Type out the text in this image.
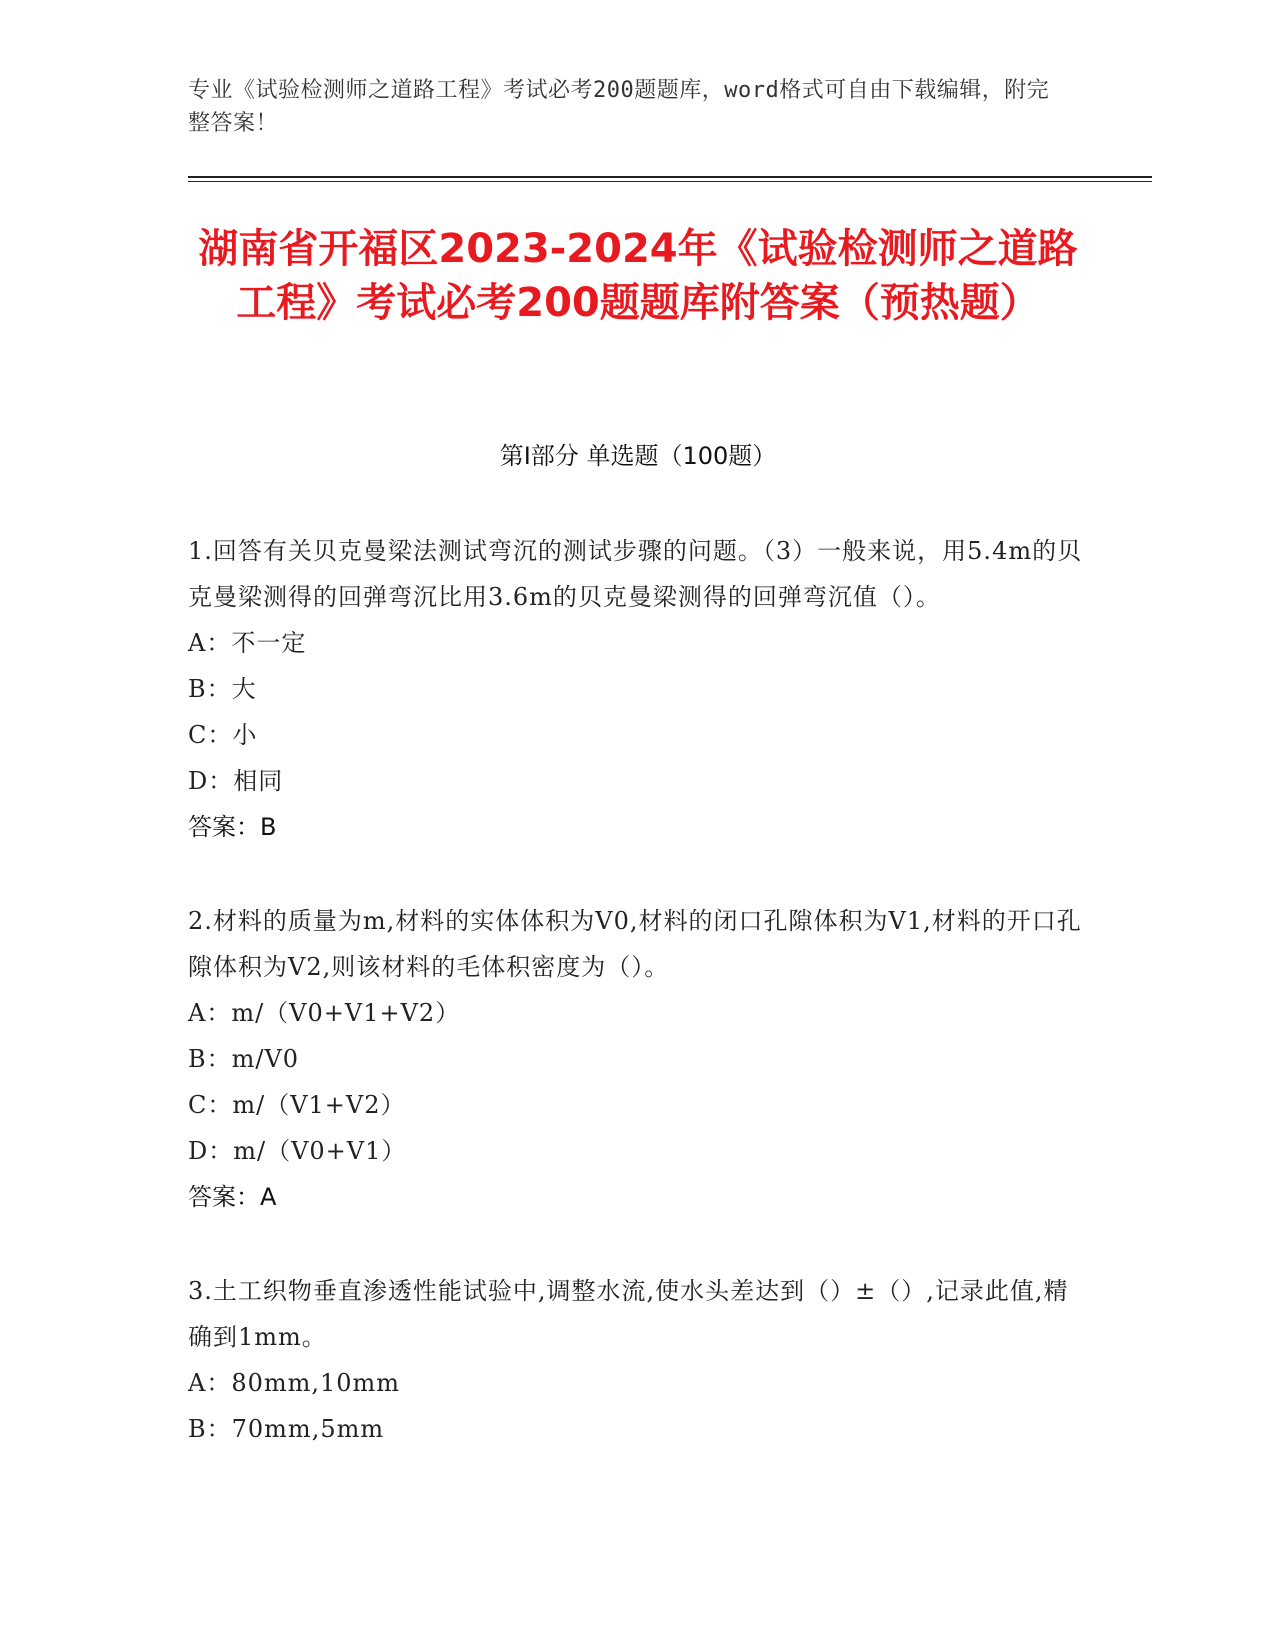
专业《试验检测师之道路工程》考试必考200题题库，word格式可自由下载编辑，附完整答案！
湖南省开福区2023-2024年《试验检测师之道路工程》考试必考200题题库附答案（预热题）
第I部分 单选题（100题）

1.回答有关贝克曼梁法测试弯沉的测试步骤的问题。（3）一般来说，用5.4m的贝克曼梁测得的回弹弯沉比用3.6m的贝克曼梁测得的回弹弯沉值（）。

A：不一定

B：大

C：小

D：相同

答案：B

2.材料的质量为m,材料的实体体积为V0,材料的闭口孔隙体积为V1,材料的开口孔隙体积为V2,则该材料的毛体积密度为（）。

A：m/（V0+V1+V2）

B：m/V0

C：m/（V1+V2）

D：m/（V0+V1）

答案：A

3.土工织物垂直渗透性能试验中,调整水流,使水头差达到（）±（）,记录此值,精确到1mm。

A：80mm,10mm

B：70mm,5mm
